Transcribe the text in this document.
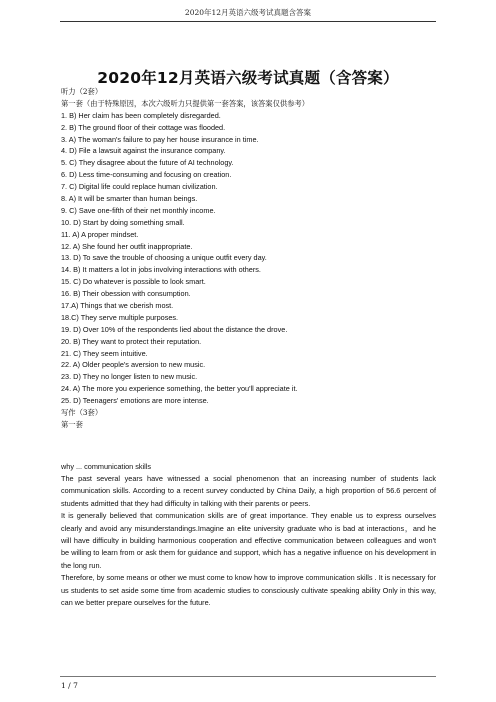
2020年12月英语六级考试真题含答案
2020年12月英语六级考试真题（含答案）
听力（2套）
第一套（由于特殊原因，本次六级听力只提供第一套答案，该答案仅供参考）
1. B) Her claim has been completely disregarded.
2. B) The ground floor of their cottage was flooded.
3. A) The woman's failure to pay her house insurance in time.
4. D) File a lawsuit against the insurance company.
5. C) They disagree about the future of AI technology.
6. D) Less time-consuming and focusing on creation.
7. C) Digital life could replace human civilization.
8. A) It will be smarter than human beings.
9. C) Save one-fifth of their net monthly income.
10. D) Start by doing something small.
11. A) A proper mindset.
12. A) She found her outfit inappropriate.
13. D) To save the trouble of choosing a unique outfit every day.
14. B) It matters a lot in jobs involving interactions with others.
15. C) Do whatever is possible to look smart.
16. B) Their obession with consumption.
17.A) Things that we cberish most.
18.C) They serve multiple purposes.
19. D) Over 10% of the respondents lied about the distance the drove.
20. B) They want to protect their reputation.
21. C) They seem intuitive.
22. A) Older people's aversion to new music.
23. D) They no longer listen to new music.
24. A) The more you experience something, the better you'll appreciate it.
25. D) Teenagers' emotions are more intense.
写作（3套）
第一套
why ... communication skills

The past several years have witnessed a social phenomenon that an increasing number of students lack communication skills. According to a recent survey conducted by China Daily, a high proportion of 56.6 percent of students admitted that they had difficulty in talking with their parents or peers.

It is generally believed that communication skills are of great importance. They enable us to express ourselves clearly and avoid any misunderstandings.Imagine an elite university graduate who is bad at interactions，and he will have difficulty in building harmonious cooperation and effective communication between colleagues and won't be willing to learn from or ask them for guidance and support, which has a negative influence on his development in the long run.

Therefore, by some means or other we must come to know how to improve communication skills . It is necessary for us students to set aside some time from academic studies to consciously cultivate speaking ability Only in this way, can we better prepare ourselves for the future.

1 / 7
